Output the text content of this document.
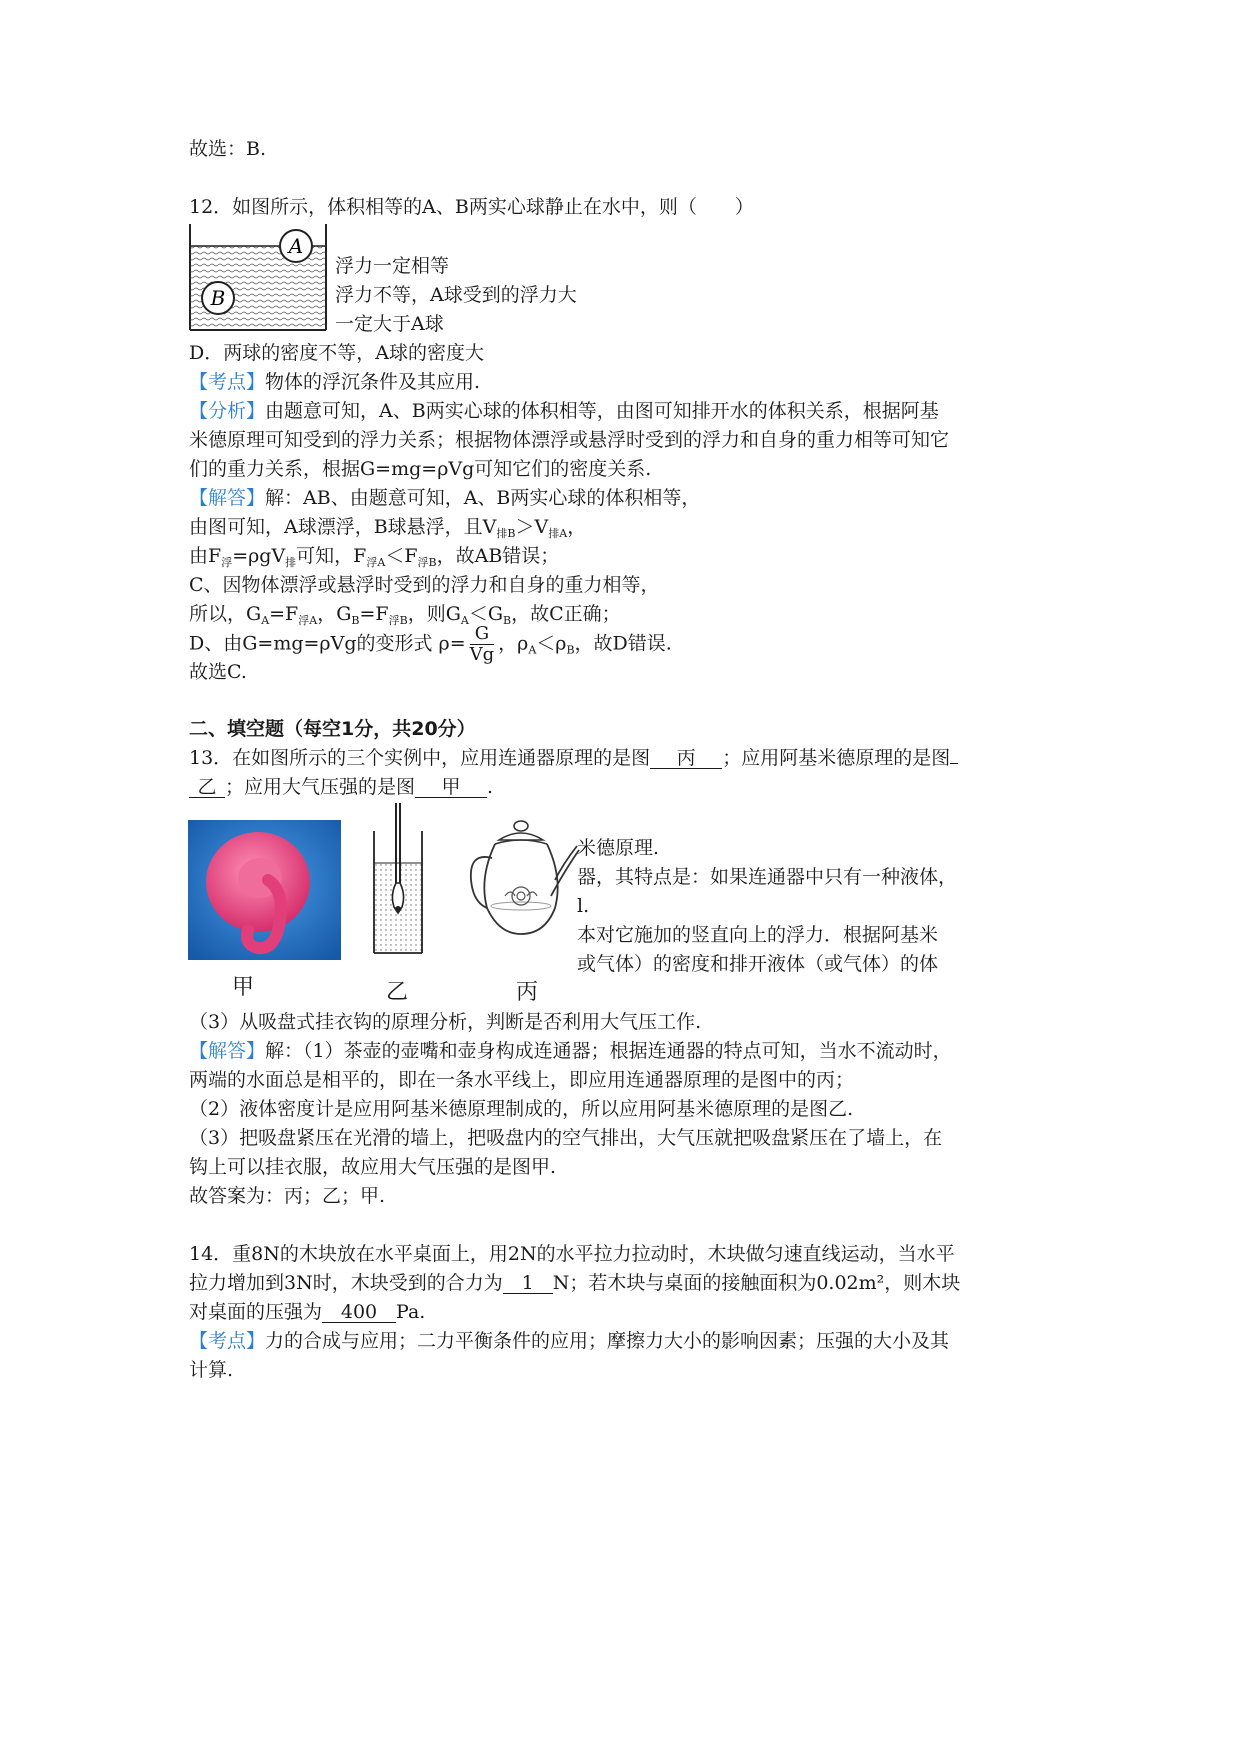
故选：B.
12．如图所示，体积相等的A、B两实心球静止在水中，则（　　）
A
B
浮力一定相等
浮力不等，A球受到的浮力大
一定大于A球
D．两球的密度不等，A球的密度大
【考点】物体的浮沉条件及其应用.
【分析】由题意可知，A、B两实心球的体积相等，由图可知排开水的体积关系，根据阿基
米德原理可知受到的浮力关系；根据物体漂浮或悬浮时受到的浮力和自身的重力相等可知它
们的重力关系，根据G=mg=ρVg可知它们的密度关系.
【解答】解：AB、由题意可知，A、B两实心球的体积相等，
由图可知，A球漂浮，B球悬浮，且$V_{排B}>V_{排A}$，
由$F_浮=\rho gV_排$可知，$F_{浮A}<F_{浮B}$，故AB错误；
C、因物体漂浮或悬浮时受到的浮力和自身的重力相等，
所以，$G_A=F_{浮A}$，$G_B=F_{浮B}$，则$G_A<G_B$，故C正确；
D、由G=mg=ρVg的变形式 $\rho= \frac{G}{Vg}$ ，$\rho_A<\rho_B$，故D错误.
故选C.
二、填空题（每空1分，共20分）
13．在如图所示的三个实例中，应用连通器原理的是图 丙 ；应用阿基米德原理的是图
乙 ；应用大气压强的是图 甲 .
甲	乙	丙
米德原理.
器，其特点是：如果连通器中只有一种液体，
l.
本对它施加的竖直向上的浮力．根据阿基米
或气体）的密度和排开液体（或气体）的体
（3）从吸盘式挂衣钩的原理分析，判断是否利用大气压工作.
【解答】解：（1）茶壶的壶嘴和壶身构成连通器；根据连通器的特点可知，当水不流动时，
两端的水面总是相平的，即在一条水平线上，即应用连通器原理的是图中的丙；
（2）液体密度计是应用阿基米德原理制成的，所以应用阿基米德原理的是图乙.
（3）把吸盘紧压在光滑的墙上，把吸盘内的空气排出，大气压就把吸盘紧压在了墙上，在
钩上可以挂衣服，故应用大气压强的是图甲.
故答案为：丙；乙；甲.
14．重8N的木块放在水平桌面上，用2N的水平拉力拉动时，木块做匀速直线运动，当水平
拉力增加到3N时，木块受到的合力为 1 N；若木块与桌面的接触面积为0.02m²，则木块
对桌面的压强为 400 Pa.
【考点】力的合成与应用；二力平衡条件的应用；摩擦力大小的影响因素；压强的大小及其
计算.
